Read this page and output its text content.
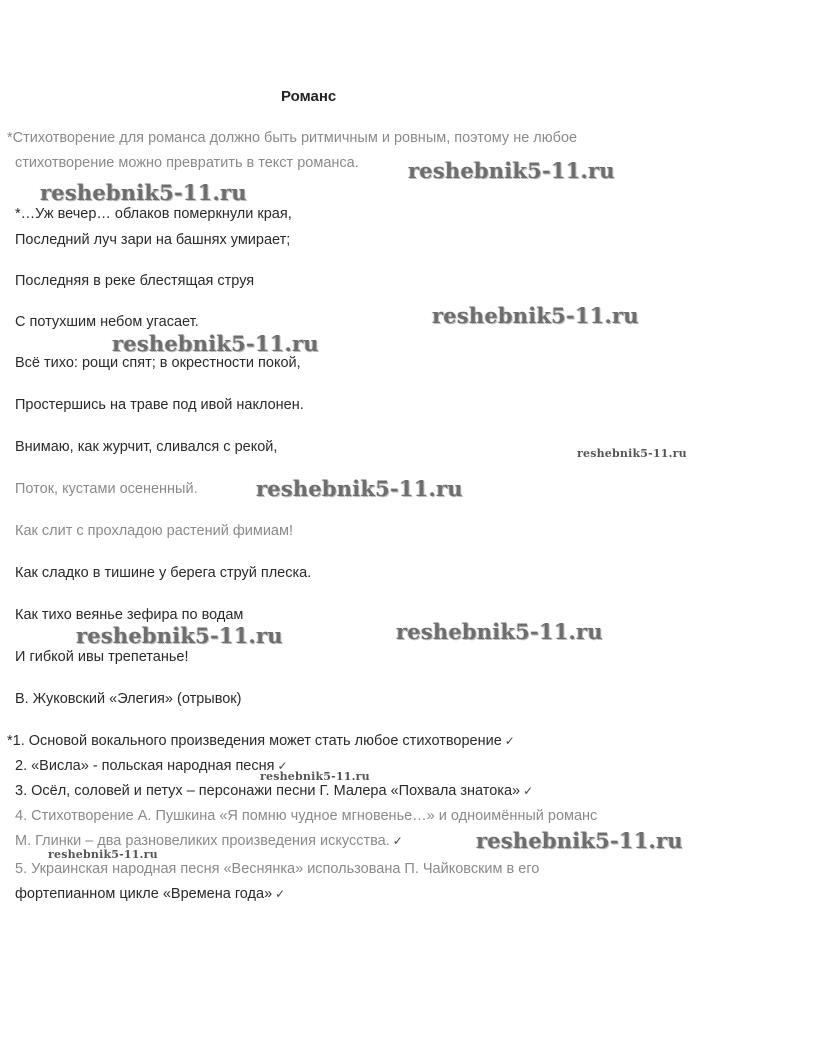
Романс
*Стихотворение для романса должно быть ритмичным и ровным, поэтому не любое
стихотворение можно превратить в текст романса.
*…Уж вечер… облаков померкнули края,
Последний луч зари на башнях умирает;
Последняя в реке блестящая струя
С потухшим небом угасает.
Всё тихо: рощи спят; в окрестности покой,
Простершись на траве под ивой наклонен.
Внимаю, как журчит, сливался с рекой,
Поток, кустами осененный.
Как слит с прохладою растений фимиам!
Как сладко в тишине у берега струй плеска.
Как тихо веянье зефира по водам
И гибкой ивы трепетанье!
В. Жуковский «Элегия» (отрывок)
*1. Основой вокального произведения может стать любое стихотворение ✓
2. «Висла» - польская народная песня ✓
3. Осёл, соловей и петух – персонажи песни Г. Малера «Похвала знатока» ✓
4. Стихотворение А. Пушкина «Я помню чудное мгновенье…» и одноимённый романс
М. Глинки – два разновеликих произведения искусства. ✓
5. Украинская народная песня «Веснянка» использована П. Чайковским в его
фортепианном цикле «Времена года» ✓
reshebnik5-11.ru
reshebnik5-11.ru
reshebnik5-11.ru
reshebnik5-11.ru
reshebnik5-11.ru
reshebnik5-11.ru
reshebnik5-11.ru	reshebnik5-11.ru
reshebnik5-11.ru
reshebnik5-11.ru
reshebnik5-11.ru
